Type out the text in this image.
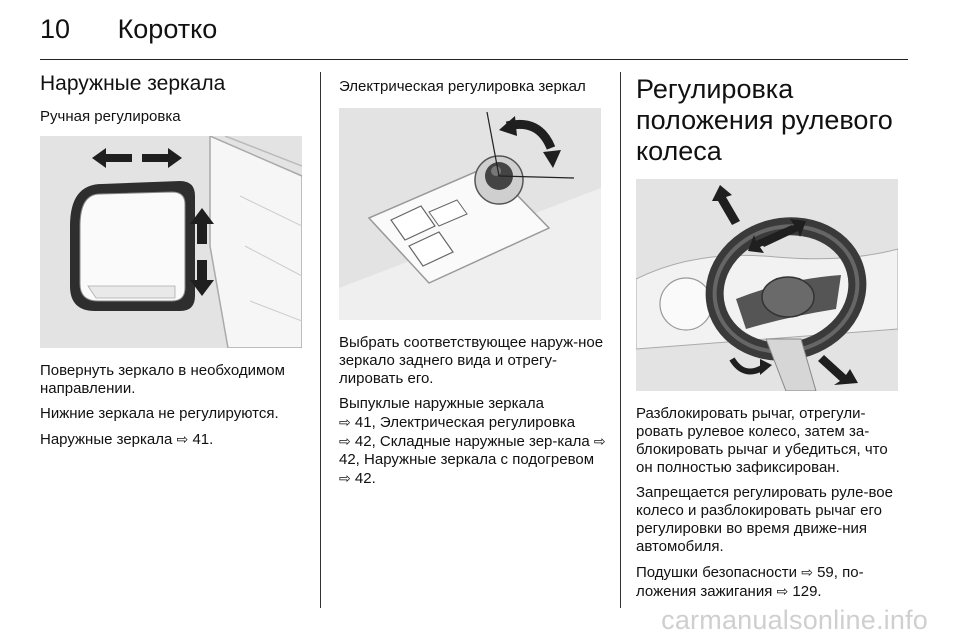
10 Коротко
Наружные зеркала
Ручная регулировка

Повернуть зеркало в необходимом направлении.

Нижние зеркала не регулируются.

Наружные зеркала ⇨ 41.

Электрическая регулировка зеркал

Выбрать соответствующее наруж-ное зеркало заднего вида и отрегу-лировать его.

Выпуклые наружные зеркала
⇨ 41, Электрическая регулировка
⇨ 42, Складные наружные зер-кала ⇨ 42, Наружные зеркала с подогревом ⇨ 42.

Регулировка положения рулевого колеса

Разблокировать рычаг, отрегули-ровать рулевое колесо, затем за-блокировать рычаг и убедиться, что он полностью зафиксирован.

Запрещается регулировать руле-вое колесо и разблокировать рычаг его регулировки во время движе-ния автомобиля.

Подушки безопасности ⇨ 59, по-ложения зажигания ⇨ 129.

carmanualsonline.info
